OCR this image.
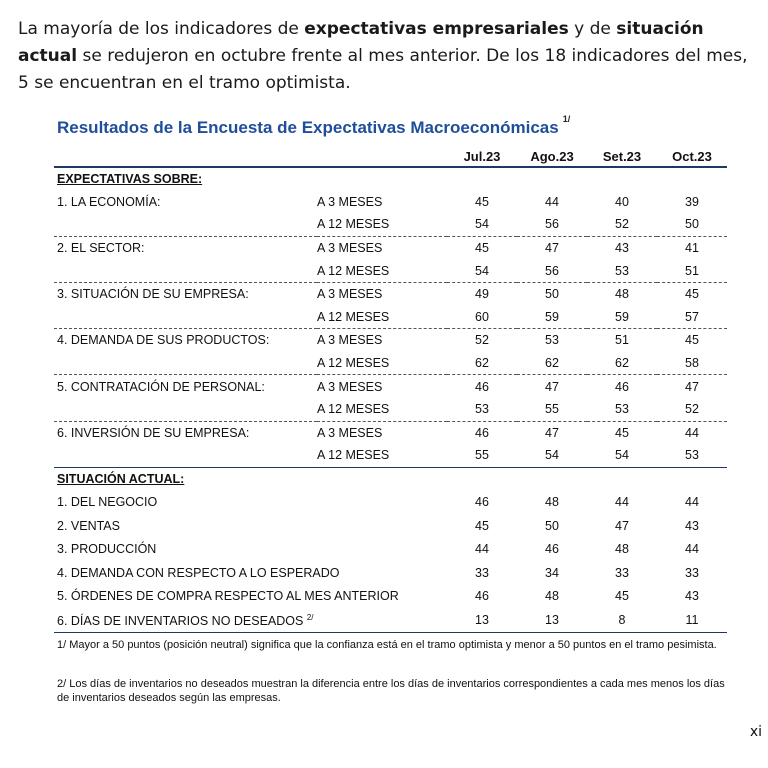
La mayoría de los indicadores de expectativas empresariales y de situación actual se redujeron en octubre frente al mes anterior. De los 18 indicadores del mes, 5 se encuentran en el tramo optimista.
Resultados de la Encuesta de Expectativas Macroeconómicas $^{1/}$
		Jul.23	Ago.23	Set.23	Oct.23
EXPECTATIVAS SOBRE:					
1. LA ECONOMÍA:	A 3 MESES	45	44	40	39
	A 12 MESES	54	56	52	50
2. EL SECTOR:	A 3 MESES	45	47	43	41
	A 12 MESES	54	56	53	51
3. SITUACIÓN DE SU EMPRESA:	A 3 MESES	49	50	48	45
	A 12 MESES	60	59	59	57
4. DEMANDA DE SUS PRODUCTOS:	A 3 MESES	52	53	51	45
	A 12 MESES	62	62	62	58
5. CONTRATACIÓN DE PERSONAL:	A 3 MESES	46	47	46	47
	A 12 MESES	53	55	53	52
6. INVERSIÓN DE SU EMPRESA:	A 3 MESES	46	47	45	44
	A 12 MESES	55	54	54	53
SITUACIÓN ACTUAL:					
1. DEL NEGOCIO		46	48	44	44
2. VENTAS		45	50	47	43
3. PRODUCCIÓN		44	46	48	44
4. DEMANDA CON RESPECTO A LO ESPERADO		33	34	33	33
5. ÓRDENES DE COMPRA RESPECTO AL MES ANTERIOR		46	48	45	43
6. DÍAS DE INVENTARIOS NO DESEADOS $^{2/}$		13	13	8	11
1/ Mayor a 50 puntos (posición neutral) significa que la confianza está en el tramo optimista y menor a 50 puntos en el tramo pesimista.
2/ Los días de inventarios no deseados muestran la diferencia entre los días de inventarios correspondientes a cada mes menos los días de inventarios deseados según las empresas.
xi
